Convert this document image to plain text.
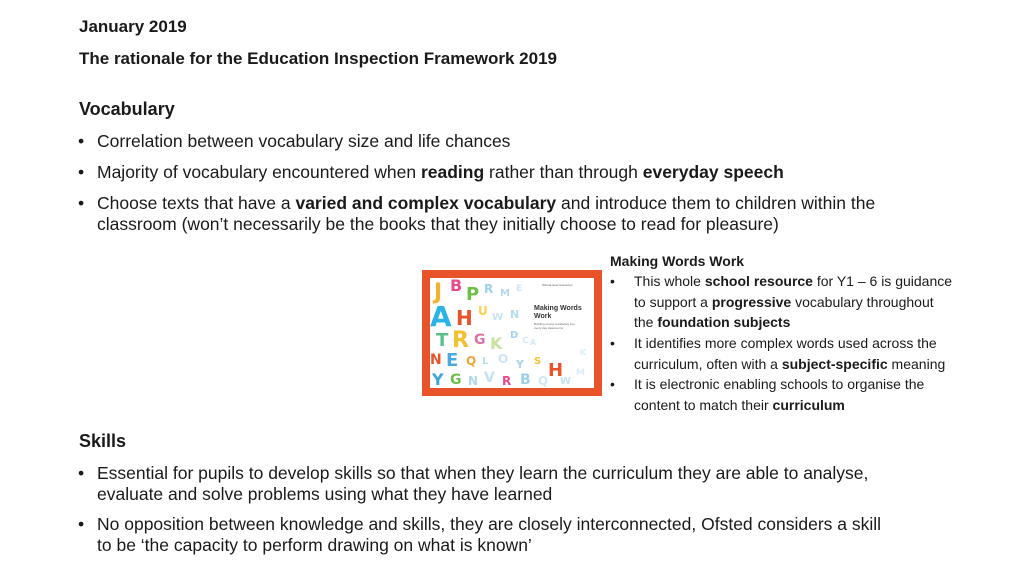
January 2019
The rationale for the Education Inspection Framework 2019
Vocabulary
• Correlation between vocabulary size and life chances
• Majority of vocabulary encountered when reading rather than through everyday speech
• Choose texts that have a varied and complex vocabulary and introduce them to children within the
classroom (won’t necessarily be the books that they initially choose to read for pleasure)
J B P R M E
A H U W N
T R G K D C
N E Q L O Y H
S
Y G N V R B Q W
M
K
A
School-level resources
Making Words
Work
Building strong vocabulary into every day classrooms
Making Words Work
• This whole school resource for Y1 – 6 is guidance
to support a progressive vocabulary throughout
the foundation subjects
• It identifies more complex words used across the
curriculum, often with a subject-specific meaning
• It is electronic enabling schools to organise the
content to match their curriculum
Skills
• Essential for pupils to develop skills so that when they learn the curriculum they are able to analyse,
evaluate and solve problems using what they have learned
• No opposition between knowledge and skills, they are closely interconnected, Ofsted considers a skill
to be ‘the capacity to perform drawing on what is known’
